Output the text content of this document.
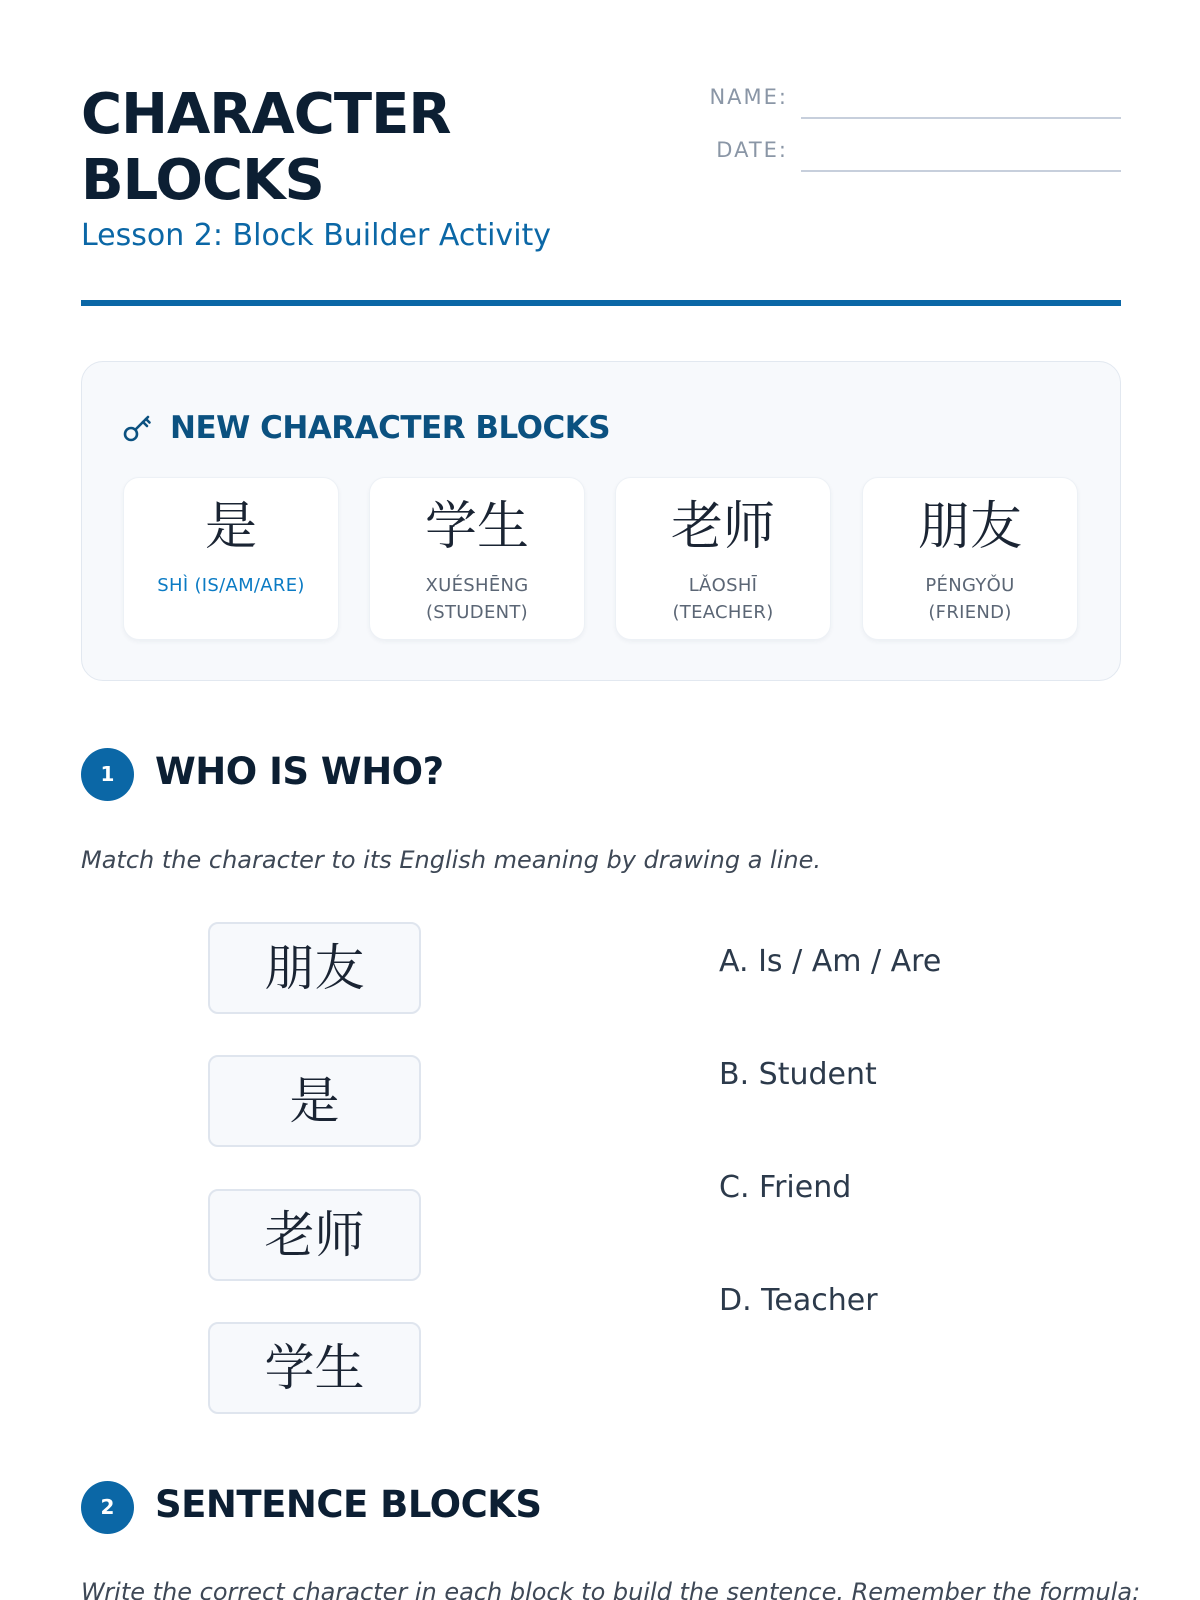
CHARACTER
BLOCKS
Lesson 2: Block Builder Activity
NAME:
DATE:
NEW CHARACTER BLOCKS
是
SHÌ (IS/AM/ARE)
学生
XUÉSHĒNG (STUDENT)
老师
LǍOSHĪ (TEACHER)
朋友
PÉNGYǑU (FRIEND)
1	WHO IS WHO?
Match the character to its English meaning by drawing a line.
朋友
是
老师
学生
A. Is / Am / Are
B. Student
C. Friend
D. Teacher
2	SENTENCE BLOCKS
Write the correct character in each block to build the sentence. Remember the formula:
